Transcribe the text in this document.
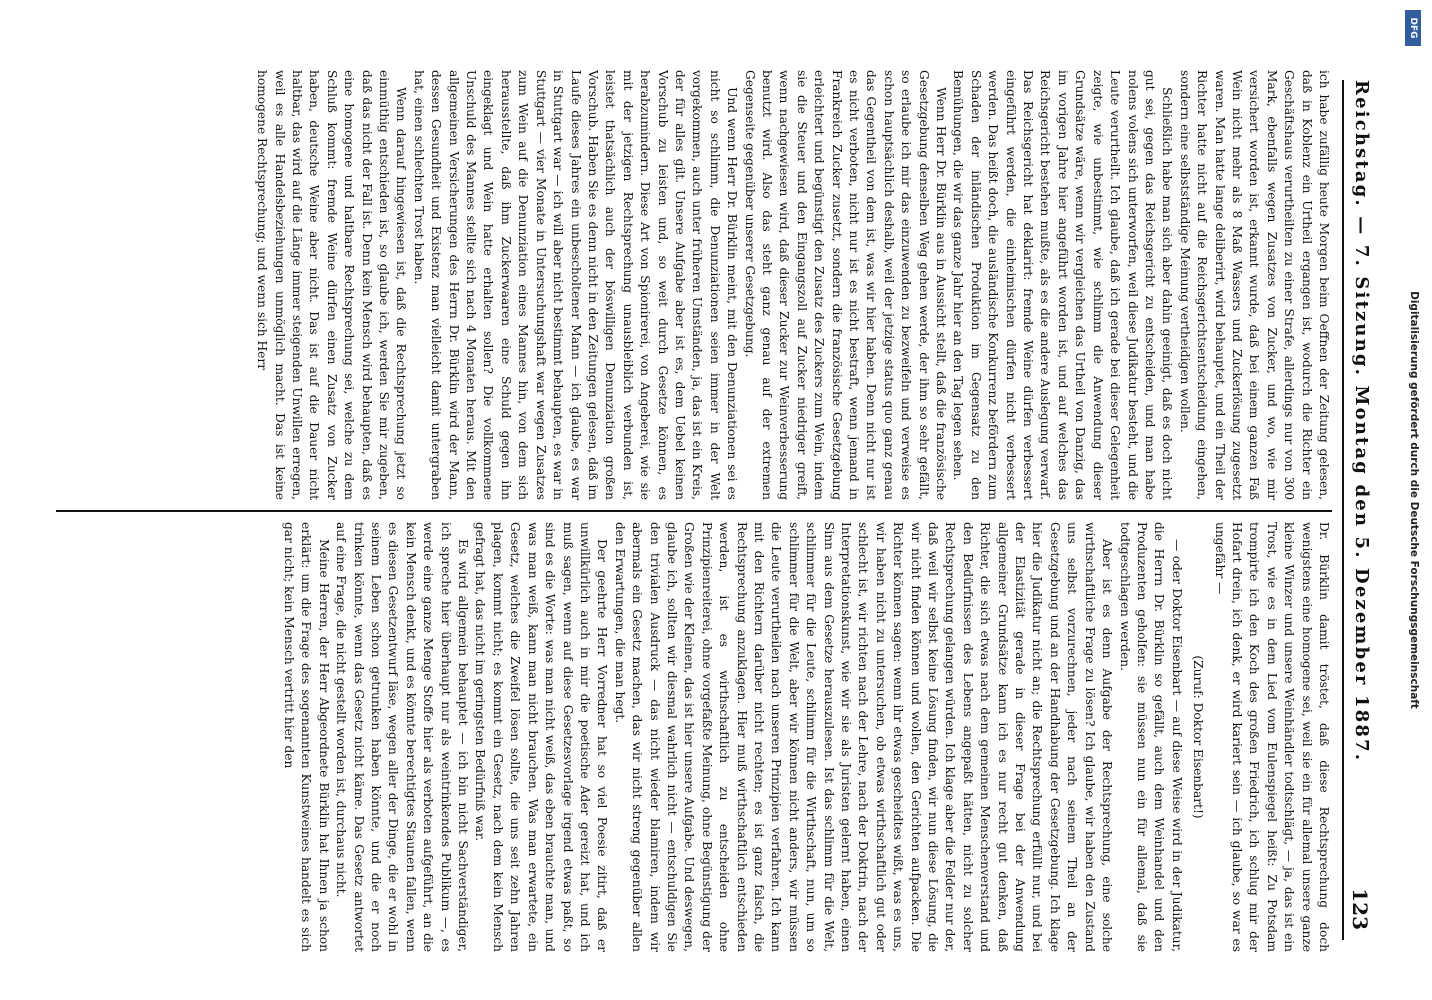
Reichstag. — 7. Sitzung. Montag den 5. Dezember 1887.
123

ich habe zufällig heute Morgen beim Oeffnen der Zeitung gelesen, daß in Koblenz ein Urtheil ergangen ist, wodurch die Richter ein Geschäftshaus verurtheilten zu einer Strafe, allerdings nur von 300 Mark, ebenfalls wegen Zusatzes von Zucker, und wo, wie mir versichert worden ist, erkannt wurde, daß bei einem ganzen Faß Wein nicht mehr als 8 Maß Wassers und Zuckerlösung zugesetzt waren. Man hatte lange deliberirt, wird behauptet, und ein Theil der Richter hatte nicht auf die Reichsgerichtsentscheidung eingehen, sondern eine selbstständige Meinung vertheidigen wollen.

Schließlich habe man sich aber dahin geeinigt, daß es doch nicht gut sei, gegen das Reichsgericht zu entscheiden, und man habe nolens volens sich unterworfen, weil diese Judikatur besteht, und die Leute verurtheilt. Ich glaube, daß ich gerade bei dieser Gelegenheit zeigte, wie unbestimmt, wie schlimm die Anwendung dieser Grundsätze wäre, wenn wir vergleichen das Urtheil von Danzig, das im vorigen Jahre hier angeführt worden ist, und auf welches das Reichsgericht bestehen mußte, als es die andere Auslegung verwarf. Das Reichsgericht hat deklarirt: fremde Weine dürfen verbessert eingeführt werden, die einheimischen dürfen nicht verbessert werden. Das heißt doch, die ausländische Konkurrenz befördern zum Schaden der inländischen Produktion im Gegensatz zu den Bemühungen, die wir das ganze Jahr hier an den Tag legen sehen.

Wenn Herr Dr. Bürklin aus in Aussicht stellt, daß die französische Gesetzgebung denselben Weg gehen werde, der ihm so sehr gefällt, so erlaube ich mir das einzuwenden zu bezweifeln und verweise es schon hauptsächlich deshalb, weil der jetzige status quo ganz genau das Gegentheil von dem ist, was wir hier haben. Denn nicht nur ist es nicht verboten, nicht nur ist es nicht bestraft, wenn jemand in Frankreich Zucker zusetzt, sondern die französische Gesetzgebung erleichtert und begünstigt den Zusatz des Zuckers zum Wein, indem sie die Steuer und den Eingangszoll auf Zucker niedriger greift, wenn nachgewiesen wird, daß dieser Zucker zur Weinverbesserung benutzt wird. Also das steht ganz genau auf der extremen Gegenseite gegenüber unserer Gesetzgebung.

Und wenn Herr Dr. Bürklin meint, mit den Denunziationen sei es nicht so schlimm, die Denunziationen seien immer in der Welt vorgekommen, auch unter früheren Umständen, ja, das ist ein Kreis, der für alles gilt. Unsere Aufgabe aber ist es, dem Uebel keinen Vorschub zu leisten und, so weit durch Gesetze können, es herabzumindern. Diese Art von Spionirerei, von Angeberei, wie sie mit der jetzigen Rechtsprechung unausbleiblich verbunden ist, leistet thatsächlich auch der böswilligen Denunziation großen Vorschub. Haben Sie es denn nicht in den Zeitungen gelesen, daß im Laufe dieses Jahres ein unbescholtener Mann — ich glaube, es war in Stuttgart war — ich will aber nicht bestimmt behaupten, es war in Stuttgart — vier Monate in Untersuchungshaft war wegen Zusatzes zum Wein auf die Denunziation eines Mannes hin, von dem sich herausstellte, daß ihm Zuckerwaaren eine Schuld gegen ihn eingeklagt und Wein hatte erhalten sollen? Die vollkommene Unschuld des Mannes stellte sich nach 4 Monaten heraus. Mit den allgemeinen Versicherungen des Herrn Dr. Bürklin wird der Mann, dessen Gesundheit und Existenz man vielleicht damit untergraben hat, einen schlechten Trost haben.

Wenn darauf hingewiesen ist, daß die Rechtsprechung jetzt so einmüthig entschieden ist, so glaube ich, werden Sie mir zugeben, daß das nicht der Fall ist. Denn kein Mensch wird behaupten, daß es eine homogene und haltbare Rechtsprechung sei, welche zu dem Schluß kommt: fremde Weine dürfen einen Zusatz von Zucker haben, deutsche Weine aber nicht. Das ist auf die Dauer nicht haltbar, das wird auf die Länge immer steigenden Unwillen erregen, weil es alle Handelsbeziehungen unmöglich macht. Das ist keine homogene Rechtsprechung; und wenn sich Herr

Dr. Bürklin damit tröstet, daß diese Rechtsprechung doch wenigstens eine homogene sei, weil sie ein für allemal unsere ganze kleine Winzer und unsere Weinhändler todtschlägt, — ja, das ist ein Trost, wie es in dem Lied vom Eulenspiegel heißt: Zu Potsdam trompirte ich den Koch des großen Friedrich, ich schlug mir der Hofart drein, ich denk, er wird kariert sein — ich glaube, so war es ungefähr —

(Zuruf: Doktor Eisenbart!)

— oder Doktor Eisenbart — auf diese Weise wird in der Judikatur, die Herrn Dr. Bürklin so gefällt, auch dem Weinhandel und den Produzenten geholfen: sie müssen nun ein für allemal, daß sie todtgeschlagen werden.

Aber ist es denn Aufgabe der Rechtsprechung, eine solche wirthschaftliche Frage zu lösen? Ich glaube, wir haben den Zustand uns selbst vorzurechnen, jeder nach seinem Theil an der Gesetzgebung und an der Handhabung der Gesetzgebung. Ich klage hier die Judikatur nicht an; die Rechtsprechung erfüllt nur, und bei der Elastizität gerade in dieser Frage bei der Anwendung allgemeiner Grundsätze kann ich es nur recht gut denken, daß Richter, die sich etwas nach dem gemeinen Menschenverstand und den Bedürfnissen des Lebens angepaßt hätten, nicht zu solcher Rechtsprechung gelangen würden. Ich klage aber die Felder nur der, daß weil wir selbst keine Lösung finden, wir nun diese Lösung, die wir nicht finden können und wollen, den Gerichten aufpacken. Die Richter können sagen: wenn ihr etwas gescheidtes wißt, was es uns, wir haben nicht zu untersuchen, ob etwas wirthschaftlich gut oder schlecht ist, wir richten nach der Lehre, nach der Doktrin, nach der Interpretationskunst, wie wir sie als Juristen gelernt haben, einen Sinn aus dem Gesetze herauszulesen. Ist das schlimm für die Welt, schlimmer für die Leute, schlimm für die Wirthschaft, nun, um so schlimmer für die Welt, aber wir können nicht anders, wir müssen die Leute verurtheilen nach unseren Prinzipien verfahren. Ich kann mit den Richtern darüber nicht rechten; es ist ganz falsch, die Rechtsprechung anzuklagen. Hier muß wirthschaftlich entschieden werden, ist es wirthschaftlich zu entscheiden ohne Prinzipienreiterei, ohne vorgefaßte Meinung, ohne Begünstigung der Großen wie der Kleinen, das ist hier unsere Aufgabe. Und deswegen, glaube ich, sollten wir diesmal wahrlich nicht — entschuldigen Sie den trivialen Ausdruck — das nicht wieder blamiren, indem wir abermals ein Gesetz machen, das wir nicht streng gegenüber allen den Erwartungen, die man hegt.

Der geehrte Herr Vorredner hat so viel Poesie zitirt, daß er unwillkürlich auch in mir die poetische Ader gereizt hat, und ich muß sagen, wenn auf diese Gesetzesvorlage irgend etwas paßt, so sind es die Worte: was man nicht weiß, das eben brauchte man, und was man weiß, kann man nicht brauchen. Was man erwartete, ein Gesetz, welches die Zweifel lösen sollte, die uns seit zehn Jahren plagen, kommt nicht; es kommt ein Gesetz, nach dem kein Mensch gefragt hat, das nicht im geringsten Bedürfniß war.

Es wird allgemein behauptet — ich bin nicht Sachverständiger, ich spreche hier überhaupt nur als weintrinkendes Publikum —, es werde eine ganze Menge Stoffe hier als verboten aufgeführt, an die kein Mensch denkt, und es könnte berechtigtes Staunen fallen, wenn es diesen Gesetzentwurf läse, wegen aller der Dinge, die er wohl in seinem Leben schon getrunken haben könnte, und die er noch trinken könnte, wenn das Gesetz nicht käme. Das Gesetz antwortet auf eine Frage, die nicht gestellt worden ist, durchaus nicht.

Meine Herren, der Herr Abgeordnete Bürklin hat Ihnen ja schon erklärt: um die Frage des sogenannten Kunstweines handelt es sich gar nicht; kein Mensch vertritt hier den

DFG
Digitalisierung gefördert durch die Deutsche Forschungsgemeinschaft
